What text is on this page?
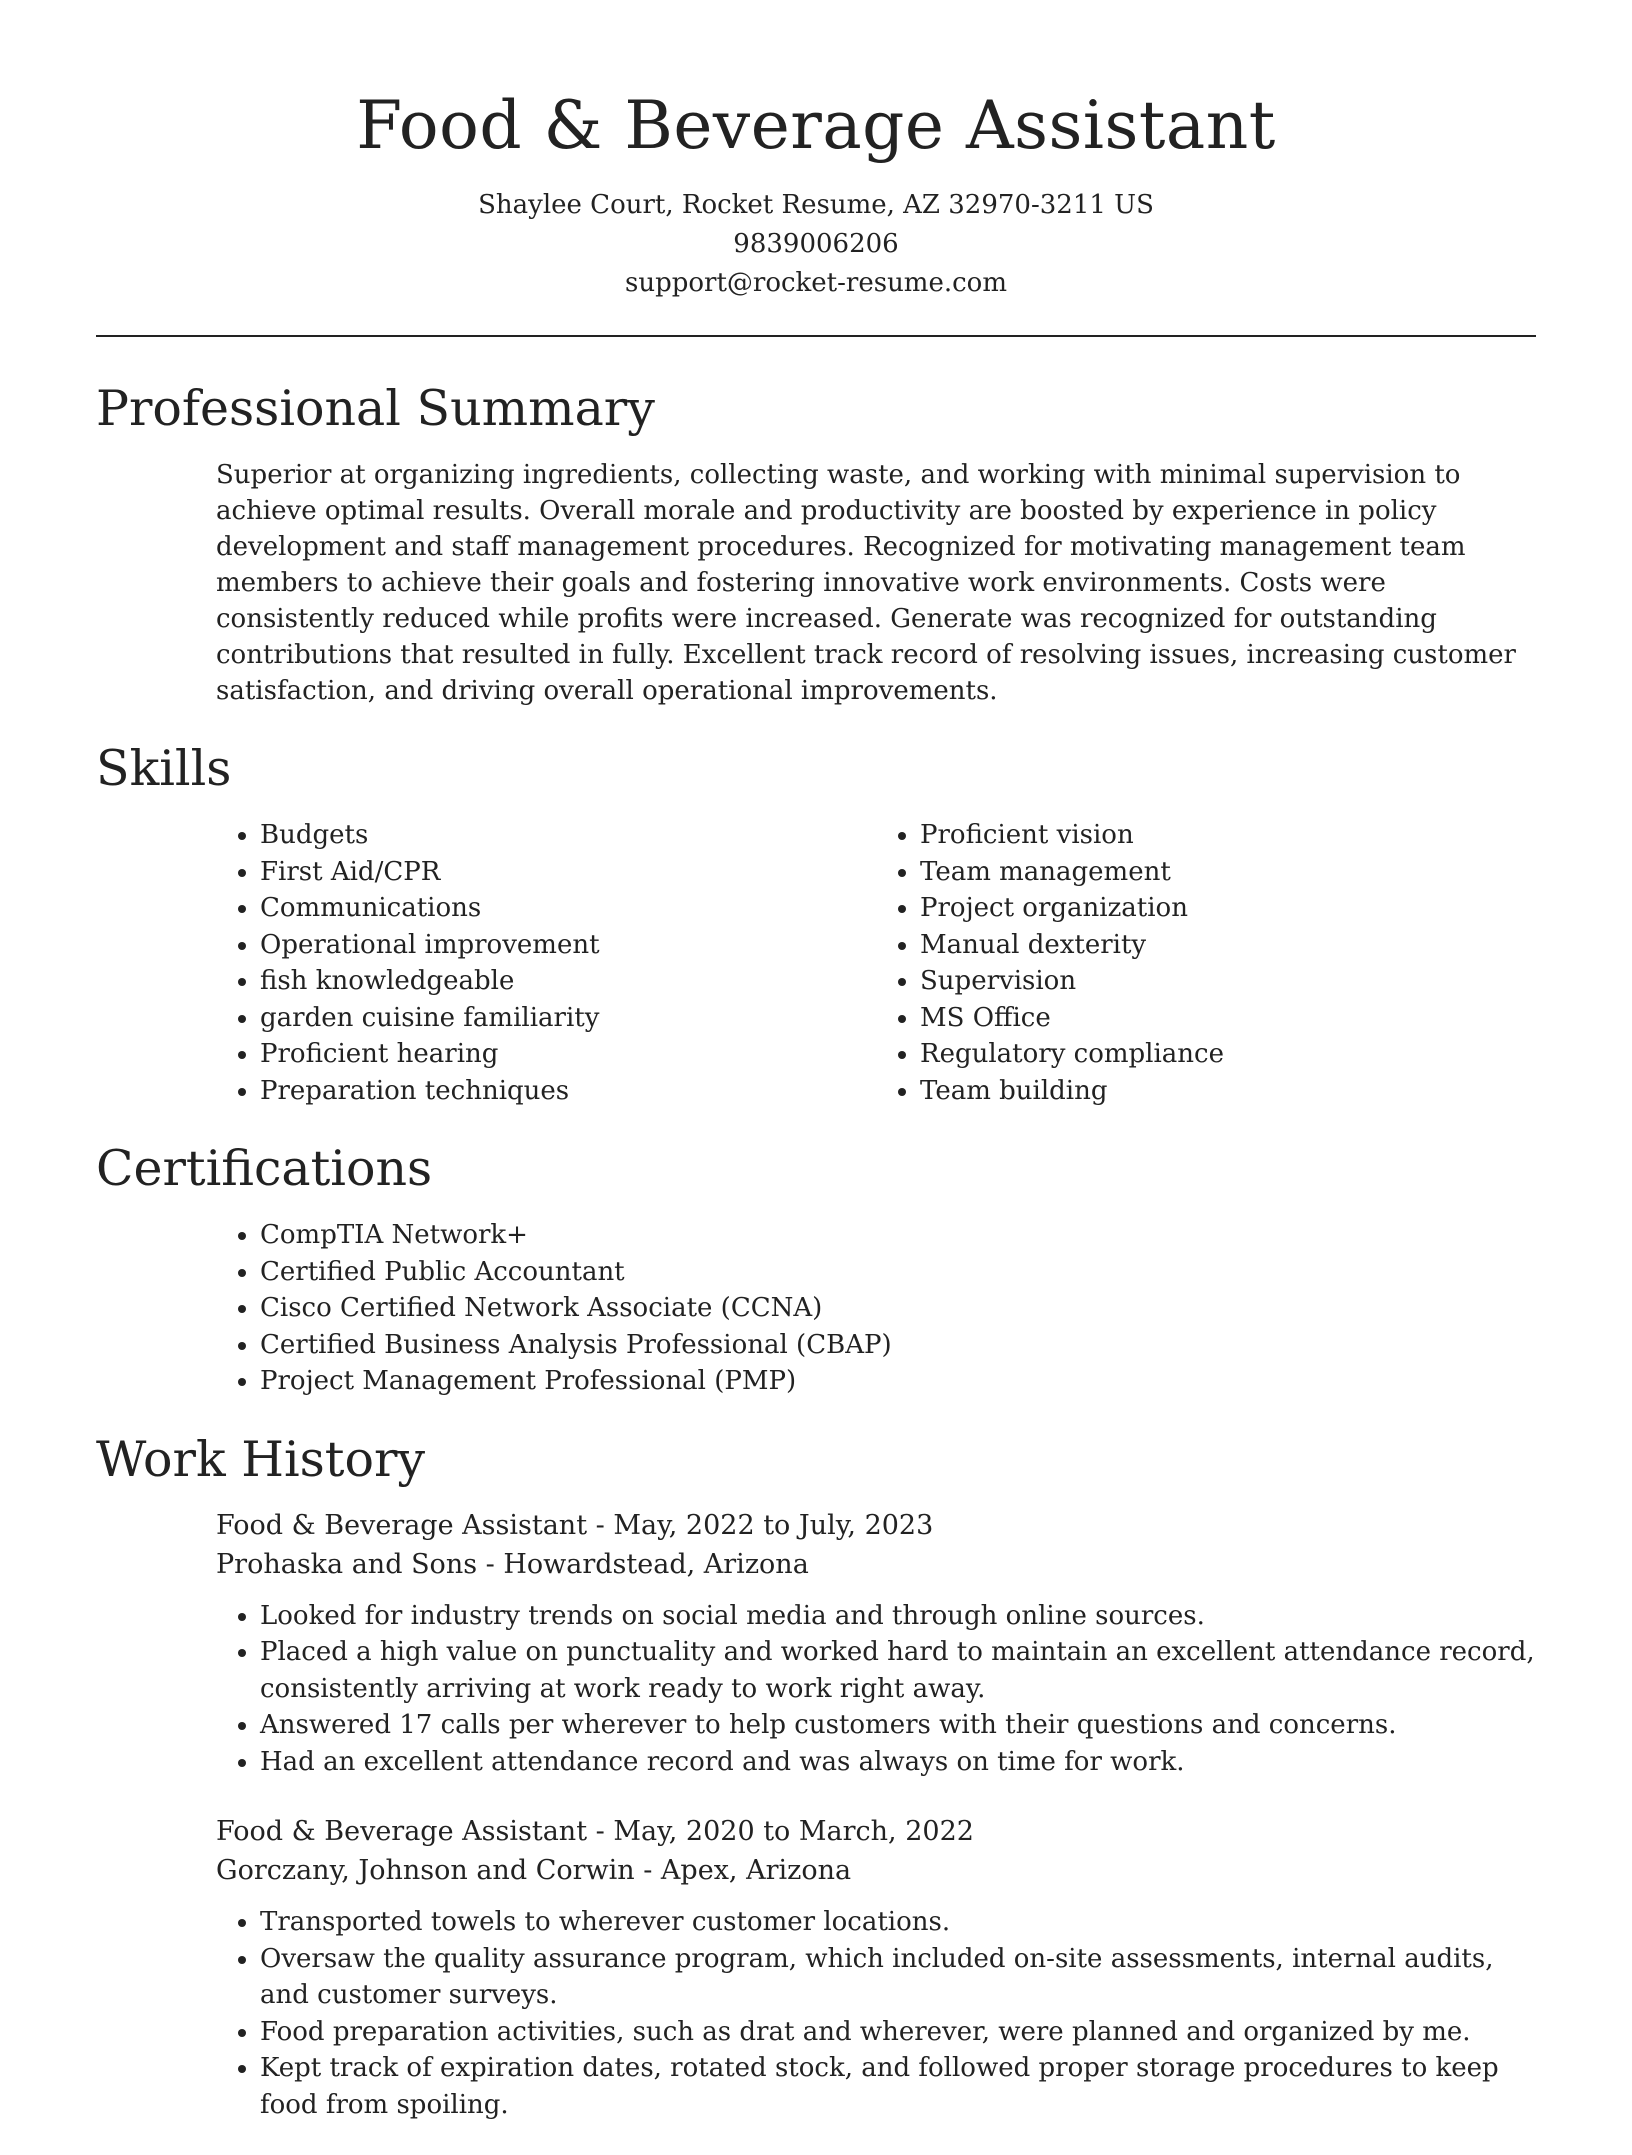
Food & Beverage Assistant
Shaylee Court, Rocket Resume, AZ 32970-3211 US
9839006206
support@rocket-resume.com
Professional Summary

Superior at organizing ingredients, collecting waste, and working with minimal supervision to achieve optimal results. Overall morale and productivity are boosted by experience in policy development and staff management procedures. Recognized for motivating management team members to achieve their goals and fostering innovative work environments. Costs were consistently reduced while profits were increased. Generate was recognized for outstanding contributions that resulted in fully. Excellent track record of resolving issues, increasing customer satisfaction, and driving overall operational improvements.

Skills
• Budgets
• First Aid/CPR
• Communications
• Operational improvement
• fish knowledgeable
• garden cuisine familiarity
• Proficient hearing
• Preparation techniques
• Proficient vision
• Team management
• Project organization
• Manual dexterity
• Supervision
• MS Office
• Regulatory compliance
• Team building
Certifications
• CompTIA Network+
• Certified Public Accountant
• Cisco Certified Network Associate (CCNA)
• Certified Business Analysis Professional (CBAP)
• Project Management Professional (PMP)
Work History
Food & Beverage Assistant - May, 2022 to July, 2023
Prohaska and Sons - Howardstead, Arizona
• Looked for industry trends on social media and through online sources.
• Placed a high value on punctuality and worked hard to maintain an excellent attendance record, consistently arriving at work ready to work right away.
• Answered 17 calls per wherever to help customers with their questions and concerns.
• Had an excellent attendance record and was always on time for work.
Food & Beverage Assistant - May, 2020 to March, 2022
Gorczany, Johnson and Corwin - Apex, Arizona
• Transported towels to wherever customer locations.
• Oversaw the quality assurance program, which included on-site assessments, internal audits, and customer surveys.
• Food preparation activities, such as drat and wherever, were planned and organized by me.
• Kept track of expiration dates, rotated stock, and followed proper storage procedures to keep food from spoiling.
